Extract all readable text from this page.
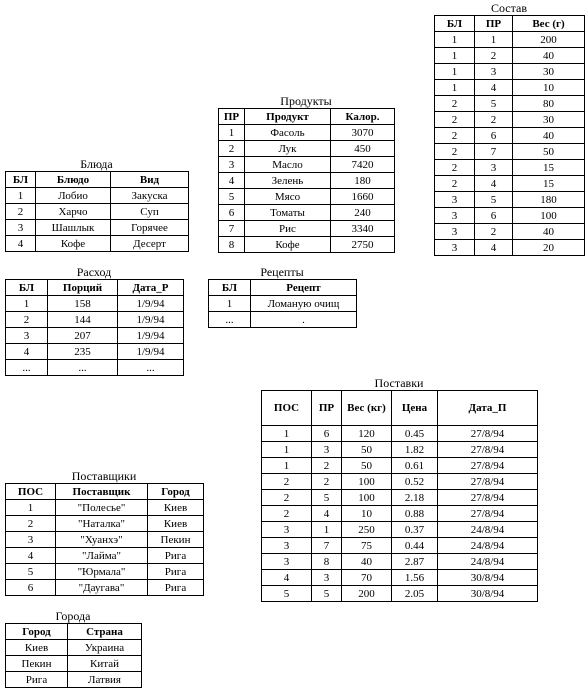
Состав
БЛ	ПР	Вес (г)
1	1	200
1	2	40
1	3	30
1	4	10
2	5	80
2	2	30
2	6	40
2	7	50
2	3	15
2	4	15
3	5	180
3	6	100
3	2	40
3	4	20
Продукты
ПР	Продукт	Калор.
1	Фасоль	3070
2	Лук	450
3	Масло	7420
4	Зелень	180
5	Мясо	1660
6	Томаты	240
7	Рис	3340
8	Кофе	2750
Блюда
БЛ	Блюдо	Вид
1	Лобио	Закуска
2	Харчо	Суп
3	Шашлык	Горячее
4	Кофе	Десерт
Расход
БЛ	Порций	Дата_Р
1	158	1/9/94
2	144	1/9/94
3	207	1/9/94
4	235	1/9/94
...	...	...
Рецепты
БЛ	Рецепт
1	Ломаную очищ
...	.
Поставки
ПОС	ПР	Вес (кг)	Цена	Дата_П
1	6	120	0.45	27/8/94
1	3	50	1.82	27/8/94
1	2	50	0.61	27/8/94
2	2	100	0.52	27/8/94
2	5	100	2.18	27/8/94
2	4	10	0.88	27/8/94
3	1	250	0.37	24/8/94
3	7	75	0.44	24/8/94
3	8	40	2.87	24/8/94
4	3	70	1.56	30/8/94
5	5	200	2.05	30/8/94
Поставщики
ПОС	Поставщик	Город
1	"Полесье"	Киев
2	"Наталка"	Киев
3	"Хуанхэ"	Пекин
4	"Лайма"	Рига
5	"Юрмала"	Рига
6	"Даугава"	Рига
Города
Город	Страна
Киев	Украина
Пекин	Китай
Рига	Латвия
